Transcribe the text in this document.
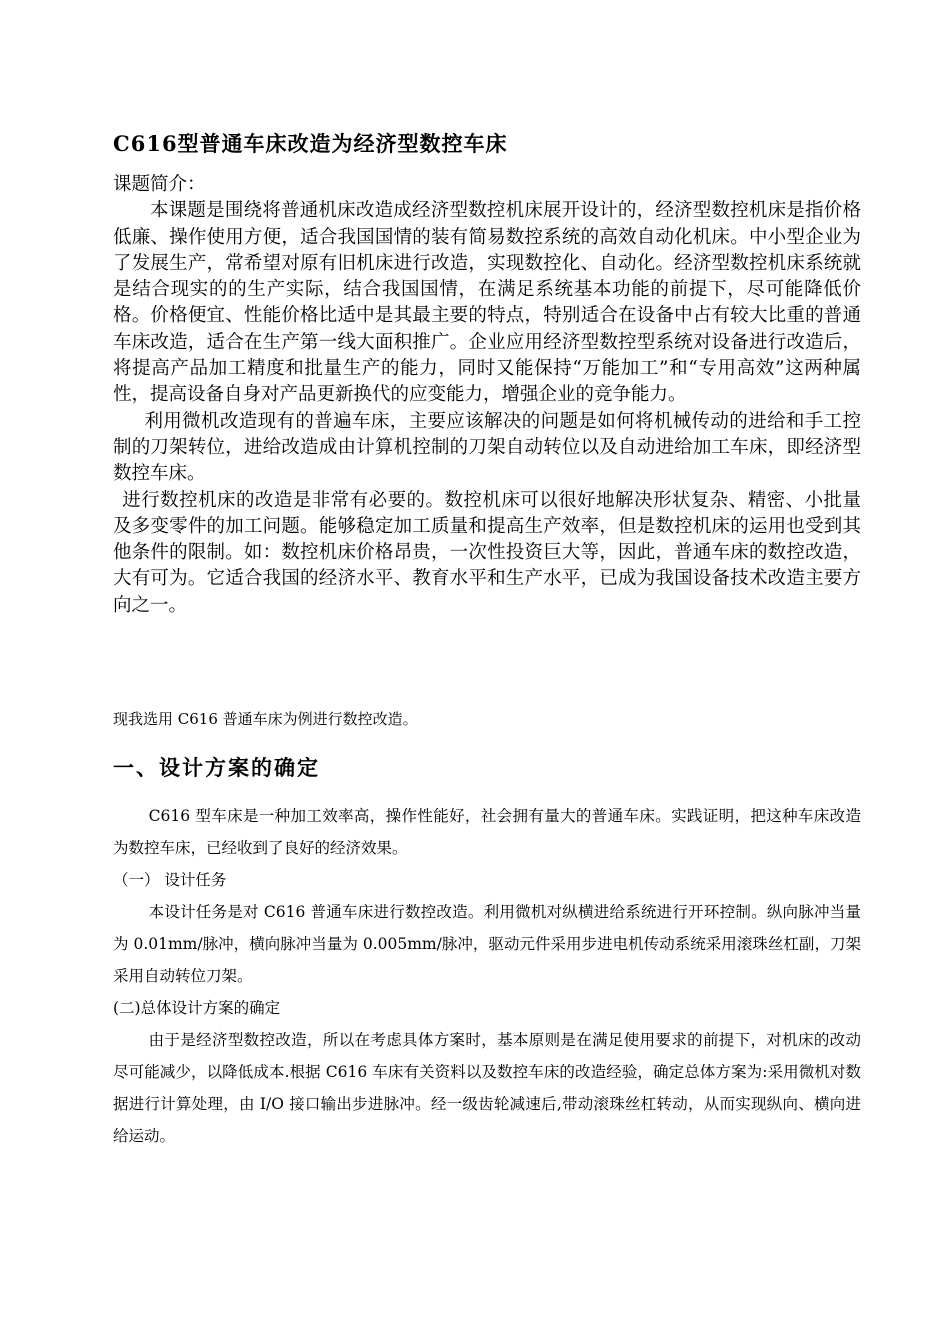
C616型普通车床改造为经济型数控车床

课题简介：

本课题是围绕将普通机床改造成经济型数控机床展开设计的，经济型数控机床是指价格低廉、操作使用方便，适合我国国情的装有简易数控系统的高效自动化机床。中小型企业为了发展生产，常希望对原有旧机床进行改造，实现数控化、自动化。经济型数控机床系统就是结合现实的的生产实际，结合我国国情，在满足系统基本功能的前提下，尽可能降低价格。价格便宜、性能价格比适中是其最主要的特点，特别适合在设备中占有较大比重的普通车床改造，适合在生产第一线大面积推广。企业应用经济型数控型系统对设备进行改造后，将提高产品加工精度和批量生产的能力，同时又能保持“万能加工”和“专用高效”这两种属性，提高设备自身对产品更新换代的应变能力，增强企业的竞争能力。

利用微机改造现有的普遍车床，主要应该解决的问题是如何将机械传动的进给和手工控制的刀架转位，进给改造成由计算机控制的刀架自动转位以及自动进给加工车床，即经济型数控车床。

进行数控机床的改造是非常有必要的。数控机床可以很好地解决形状复杂、精密、小批量及多变零件的加工问题。能够稳定加工质量和提高生产效率，但是数控机床的运用也受到其他条件的限制。如：数控机床价格昂贵，一次性投资巨大等，因此，普通车床的数控改造，大有可为。它适合我国的经济水平、教育水平和生产水平，已成为我国设备技术改造主要方向之一。

现我选用 C616 普通车床为例进行数控改造。
一、设计方案的确定

C616 型车床是一种加工效率高，操作性能好，社会拥有量大的普通车床。实践证明，把这种车床改造为数控车床，已经收到了良好的经济效果。

（一） 设计任务

本设计任务是对 C616 普通车床进行数控改造。利用微机对纵横进给系统进行开环控制。纵向脉冲当量为 0.01mm/脉冲，横向脉冲当量为 0.005mm/脉冲，驱动元件采用步进电机传动系统采用滚珠丝杠副，刀架采用自动转位刀架。

(二)总体设计方案的确定

由于是经济型数控改造，所以在考虑具体方案时，基本原则是在满足使用要求的前提下，对机床的改动尽可能减少，以降低成本.根据 C616 车床有关资料以及数控车床的改造经验，确定总体方案为:采用微机对数据进行计算处理，由 I/O 接口输出步进脉冲。经一级齿轮减速后,带动滚珠丝杠转动，从而实现纵向、横向进给运动。
